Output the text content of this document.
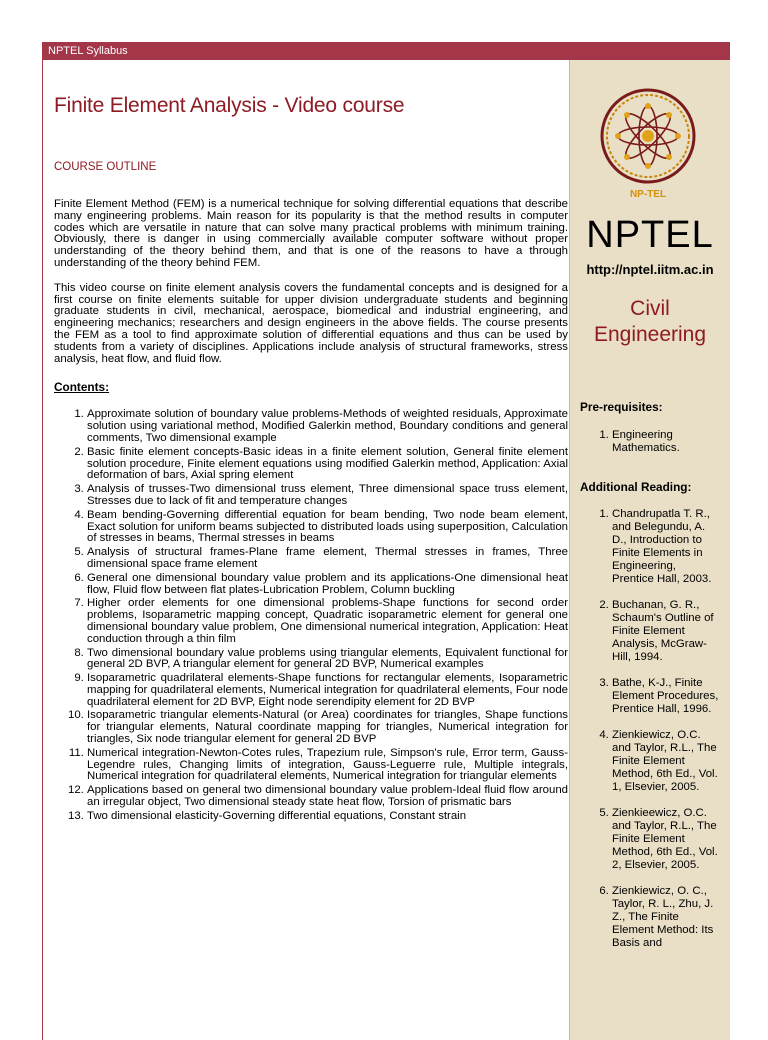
NPTEL Syllabus
Finite Element Analysis - Video course
COURSE OUTLINE

Finite Element Method (FEM) is a numerical technique for solving differential equations that describe many engineering problems. Main reason for its popularity is that the method results in computer codes which are versatile in nature that can solve many practical problems with minimum training. Obviously, there is danger in using commercially available computer software without proper understanding of the theory behind them, and that is one of the reasons to have a through understanding of the theory behind FEM.

This video course on finite element analysis covers the fundamental concepts and is designed for a first course on finite elements suitable for upper division undergraduate students and beginning graduate students in civil, mechanical, aerospace, biomedical and industrial engineering, and engineering mechanics; researchers and design engineers in the above fields. The course presents the FEM as a tool to find approximate solution of differential equations and thus can be used by students from a variety of disciplines. Applications include analysis of structural frameworks, stress analysis, heat flow, and fluid flow.

Contents:
1. Approximate solution of boundary value problems-Methods of weighted residuals, Approximate solution using variational method, Modified Galerkin method, Boundary conditions and general comments, Two dimensional example
2. Basic finite element concepts-Basic ideas in a finite element solution, General finite element solution procedure, Finite element equations using modified Galerkin method, Application: Axial deformation of bars, Axial spring element
3. Analysis of trusses-Two dimensional truss element, Three dimensional space truss element, Stresses due to lack of fit and temperature changes
4. Beam bending-Governing differential equation for beam bending, Two node beam element, Exact solution for uniform beams subjected to distributed loads using superposition, Calculation of stresses in beams, Thermal stresses in beams
5. Analysis of structural frames-Plane frame element, Thermal stresses in frames, Three dimensional space frame element
6. General one dimensional boundary value problem and its applications-One dimensional heat flow, Fluid flow between flat plates-Lubrication Problem, Column buckling
7. Higher order elements for one dimensional problems-Shape functions for second order problems, Isoparametric mapping concept, Quadratic isoparametric element for general one dimensional boundary value problem, One dimensional numerical integration, Application: Heat conduction through a thin film
8. Two dimensional boundary value problems using triangular elements, Equivalent functional for general 2D BVP, A triangular element for general 2D BVP, Numerical examples
9. Isoparametric quadrilateral elements-Shape functions for rectangular elements, Isoparametric mapping for quadrilateral elements, Numerical integration for quadrilateral elements, Four node quadrilateral element for 2D BVP, Eight node serendipity element for 2D BVP
10. Isoparametric triangular elements-Natural (or Area) coordinates for triangles, Shape functions for triangular elements, Natural coordinate mapping for triangles, Numerical integration for triangles, Six node triangular element for general 2D BVP
11. Numerical integration-Newton-Cotes rules, Trapezium rule, Simpson's rule, Error term, Gauss-Legendre rules, Changing limits of integration, Gauss-Leguerre rule, Multiple integrals, Numerical integration for quadrilateral elements, Numerical integration for triangular elements
12. Applications based on general two dimensional boundary value problem-Ideal fluid flow around an irregular object, Two dimensional steady state heat flow, Torsion of prismatic bars
13. Two dimensional elasticity-Governing differential equations, Constant strain
NP-TEL
NPTEL
http://nptel.iitm.ac.in
Civil
Engineering
Pre-requisites:
1. Engineering Mathematics.
Additional Reading:
1. Chandrupatla T. R., and Belegundu, A. D., Introduction to Finite Elements in Engineering, Prentice Hall, 2003.
2. Buchanan, G. R., Schaum's Outline of Finite Element Analysis, McGraw-Hill, 1994.
3. Bathe, K-J., Finite Element Procedures, Prentice Hall, 1996.
4. Zienkiewicz, O.C. and Taylor, R.L., The Finite Element Method, 6th Ed., Vol. 1, Elsevier, 2005.
5. Zienkieewicz, O.C. and Taylor, R.L., The Finite Element Method, 6th Ed., Vol. 2, Elsevier, 2005.
6. Zienkiewicz, O. C., Taylor, R. L., Zhu, J. Z., The Finite Element Method: Its Basis and
